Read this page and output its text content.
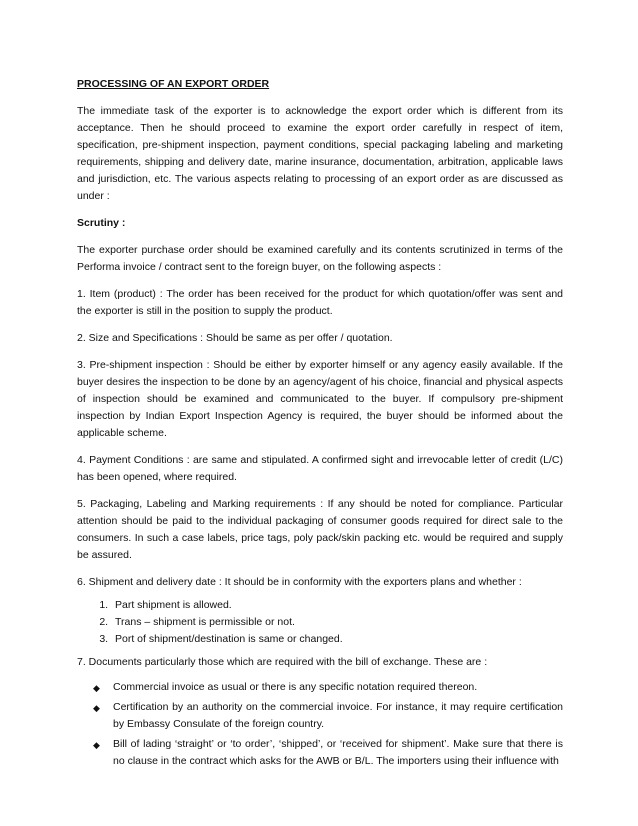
PROCESSING OF AN EXPORT ORDER

The immediate task of the exporter is to acknowledge the export order which is different from its acceptance. Then he should proceed to examine the export order carefully in respect of item, specification, pre-shipment inspection, payment conditions, special packaging labeling and marketing requirements, shipping and delivery date, marine insurance, documentation, arbitration, applicable laws and jurisdiction, etc. The various aspects relating to processing of an export order as are discussed as under :

Scrutiny :

The exporter purchase order should be examined carefully and its contents scrutinized in terms of the Performa invoice / contract sent to the foreign buyer, on the following aspects :

1. Item (product) : The order has been received for the product for which quotation/offer was sent and the exporter is still in the position to supply the product.

2. Size and Specifications : Should be same as per offer / quotation.

3. Pre-shipment inspection : Should be either by exporter himself or any agency easily available. If the buyer desires the inspection to be done by an agency/agent of his choice, financial and physical aspects of inspection should be examined and communicated to the buyer. If compulsory pre-shipment inspection by Indian Export Inspection Agency is required, the buyer should be informed about the applicable scheme.

4. Payment Conditions : are same and stipulated. A confirmed sight and irrevocable letter of credit (L/C) has been opened, where required.

5. Packaging, Labeling and Marking requirements : If any should be noted for compliance. Particular attention should be paid to the individual packaging of consumer goods required for direct sale to the consumers. In such a case labels, price tags, poly pack/skin packing etc. would be required and supply be assured.

6. Shipment and delivery date : It should be in conformity with the exporters plans and whether :

1. Part shipment is allowed.
2. Trans – shipment is permissible or not.
3. Port of shipment/destination is same or changed.

7. Documents particularly those which are required with the bill of exchange. These are :

◆ Commercial invoice as usual or there is any specific notation required thereon.
◆ Certification by an authority on the commercial invoice. For instance, it may require certification by Embassy Consulate of the foreign country.
◆ Bill of lading ‘straight’ or ‘to order’, ‘shipped’, or ‘received for shipment’. Make sure that there is no clause in the contract which asks for the AWB or B/L. The importers using their influence with
